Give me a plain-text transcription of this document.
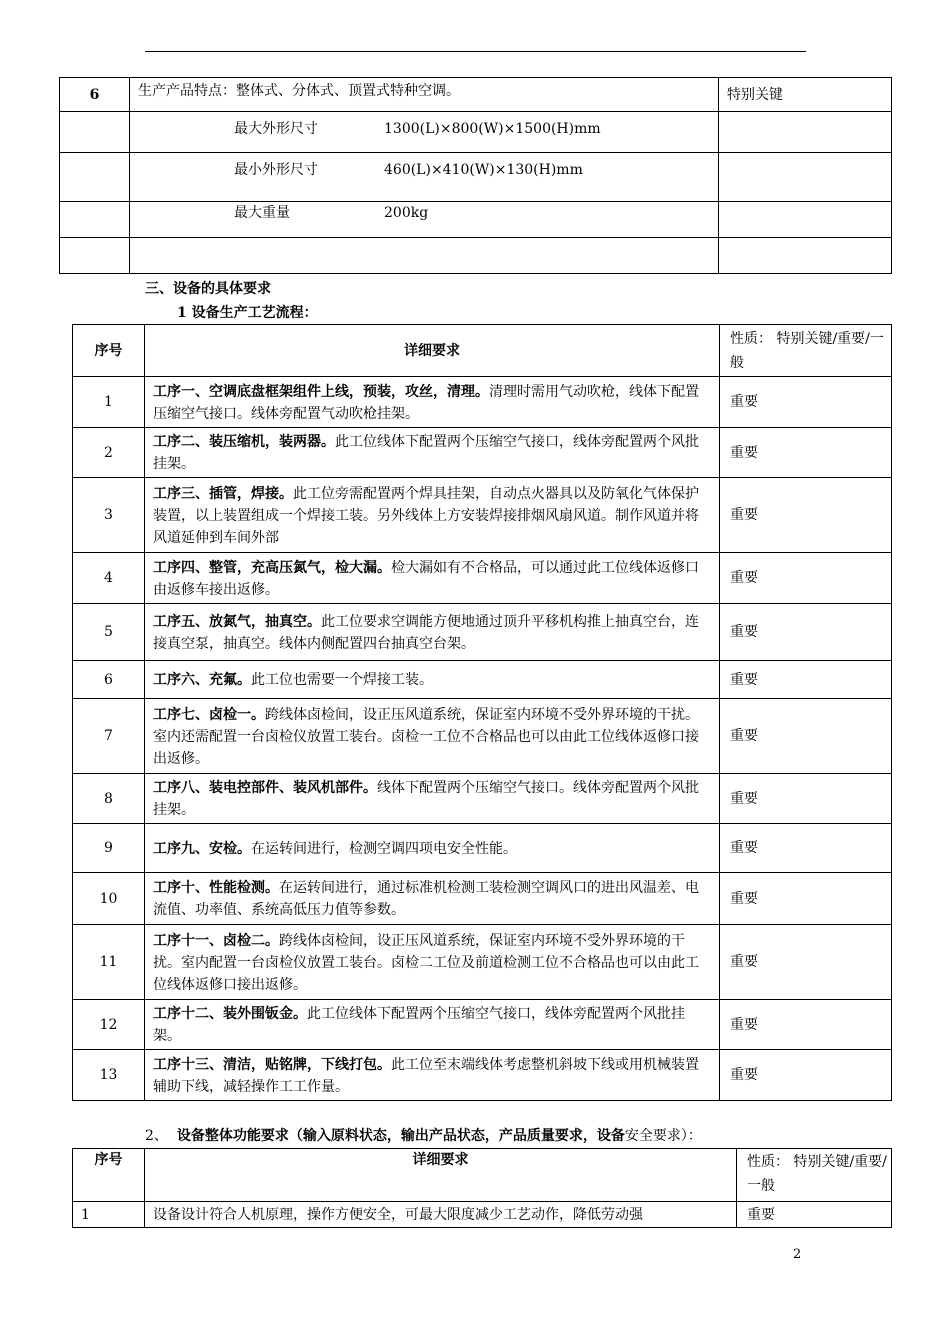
6	生产产品特点：整体式、分体式、顶置式特种空调。	特别关键
	最大外形尺寸 1300(L)×800(W)×1500(H)mm	
	最小外形尺寸 460(L)×410(W)×130(H)mm	
	最大重量 200kg	

三、设备的具体要求
1 设备生产工艺流程：
序号	详细要求	性质： 特别关键/重要/一般
1	工序一、空调底盘框架组件上线，预装，攻丝，清理。清理时需用气动吹枪，线体下配置压缩空气接口。线体旁配置气动吹枪挂架。	重要
2	工序二、装压缩机，装两器。此工位线体下配置两个压缩空气接口，线体旁配置两个风批挂架。	重要
3	工序三、插管，焊接。此工位旁需配置两个焊具挂架，自动点火器具以及防氧化气体保护装置，以上装置组成一个焊接工装。另外线体上方安装焊接排烟风扇风道。制作风道并将风道延伸到车间外部	重要
4	工序四、整管，充高压氮气，检大漏。检大漏如有不合格品，可以通过此工位线体返修口由返修车接出返修。	重要
5	工序五、放氮气，抽真空。此工位要求空调能方便地通过顶升平移机构推上抽真空台，连接真空泵，抽真空。线体内侧配置四台抽真空台架。	重要
6	工序六、充氟。此工位也需要一个焊接工装。	重要
7	工序七、卤检一。跨线体卤检间，设正压风道系统，保证室内环境不受外界环境的干扰。室内还需配置一台卤检仪放置工装台。卤检一工位不合格品也可以由此工位线体返修口接出返修。	重要
8	工序八、装电控部件、装风机部件。线体下配置两个压缩空气接口。线体旁配置两个风批挂架。	重要
9	工序九、安检。在运转间进行，检测空调四项电安全性能。	重要
10	工序十、性能检测。在运转间进行，通过标准机检测工装检测空调风口的进出风温差、电流值、功率值、系统高低压力值等参数。	重要
11	工序十一、卤检二。跨线体卤检间，设正压风道系统，保证室内环境不受外界环境的干扰。室内配置一台卤检仪放置工装台。卤检二工位及前道检测工位不合格品也可以由此工位线体返修口接出返修。	重要
12	工序十二、装外围钣金。此工位线体下配置两个压缩空气接口，线体旁配置两个风批挂架。	重要
13	工序十三、清洁，贴铭牌，下线打包。此工位至末端线体考虑整机斜坡下线或用机械装置辅助下线，减轻操作工工作量。	重要
2、 设备整体功能要求（输入原料状态，输出产品状态，产品质量要求，设备安全要求）：
序号	详细要求	性质： 特别关键/重要/一般
1	设备设计符合人机原理，操作方便安全，可最大限度减少工艺动作，降低劳动强	重要
2
